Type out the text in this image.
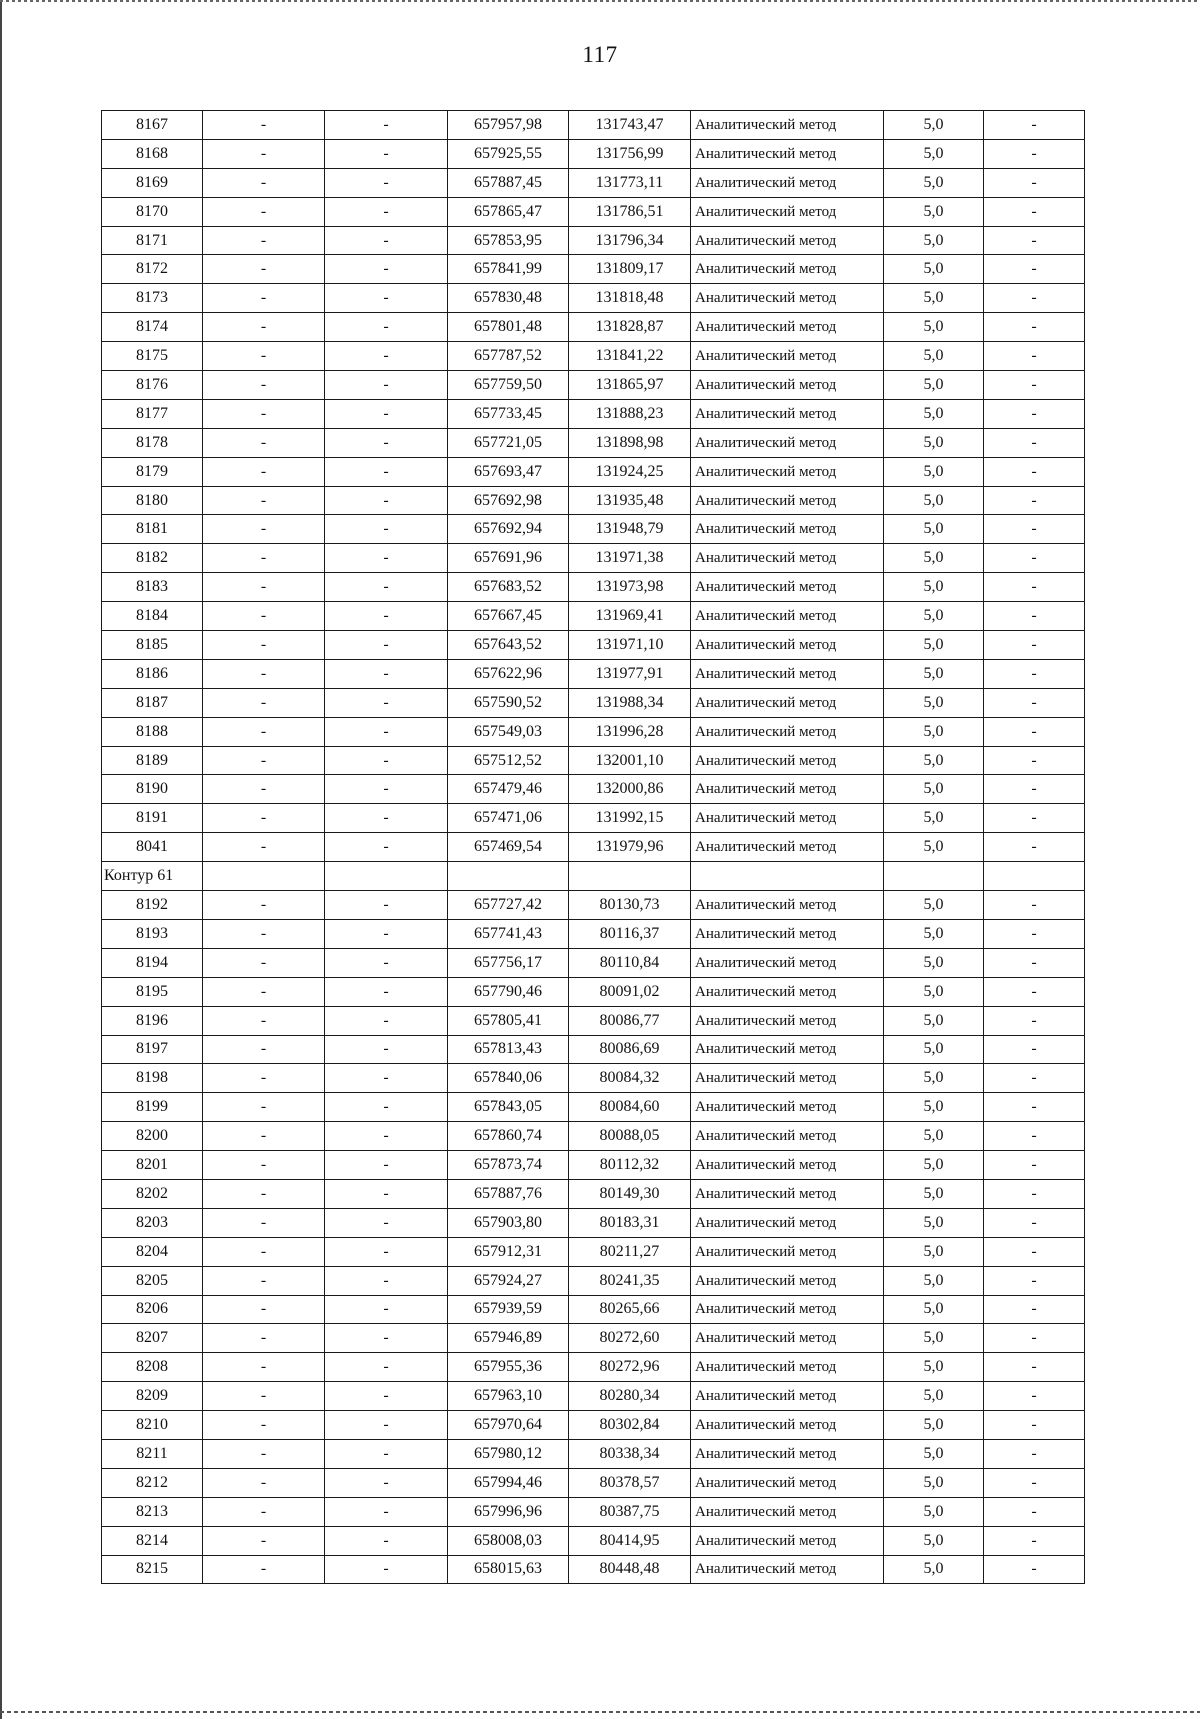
117
8167	-	-	657957,98	131743,47	Аналитический метод	5,0	-
8168	-	-	657925,55	131756,99	Аналитический метод	5,0	-
8169	-	-	657887,45	131773,11	Аналитический метод	5,0	-
8170	-	-	657865,47	131786,51	Аналитический метод	5,0	-
8171	-	-	657853,95	131796,34	Аналитический метод	5,0	-
8172	-	-	657841,99	131809,17	Аналитический метод	5,0	-
8173	-	-	657830,48	131818,48	Аналитический метод	5,0	-
8174	-	-	657801,48	131828,87	Аналитический метод	5,0	-
8175	-	-	657787,52	131841,22	Аналитический метод	5,0	-
8176	-	-	657759,50	131865,97	Аналитический метод	5,0	-
8177	-	-	657733,45	131888,23	Аналитический метод	5,0	-
8178	-	-	657721,05	131898,98	Аналитический метод	5,0	-
8179	-	-	657693,47	131924,25	Аналитический метод	5,0	-
8180	-	-	657692,98	131935,48	Аналитический метод	5,0	-
8181	-	-	657692,94	131948,79	Аналитический метод	5,0	-
8182	-	-	657691,96	131971,38	Аналитический метод	5,0	-
8183	-	-	657683,52	131973,98	Аналитический метод	5,0	-
8184	-	-	657667,45	131969,41	Аналитический метод	5,0	-
8185	-	-	657643,52	131971,10	Аналитический метод	5,0	-
8186	-	-	657622,96	131977,91	Аналитический метод	5,0	-
8187	-	-	657590,52	131988,34	Аналитический метод	5,0	-
8188	-	-	657549,03	131996,28	Аналитический метод	5,0	-
8189	-	-	657512,52	132001,10	Аналитический метод	5,0	-
8190	-	-	657479,46	132000,86	Аналитический метод	5,0	-
8191	-	-	657471,06	131992,15	Аналитический метод	5,0	-
8041	-	-	657469,54	131979,96	Аналитический метод	5,0	-
Контур 61							
8192	-	-	657727,42	80130,73	Аналитический метод	5,0	-
8193	-	-	657741,43	80116,37	Аналитический метод	5,0	-
8194	-	-	657756,17	80110,84	Аналитический метод	5,0	-
8195	-	-	657790,46	80091,02	Аналитический метод	5,0	-
8196	-	-	657805,41	80086,77	Аналитический метод	5,0	-
8197	-	-	657813,43	80086,69	Аналитический метод	5,0	-
8198	-	-	657840,06	80084,32	Аналитический метод	5,0	-
8199	-	-	657843,05	80084,60	Аналитический метод	5,0	-
8200	-	-	657860,74	80088,05	Аналитический метод	5,0	-
8201	-	-	657873,74	80112,32	Аналитический метод	5,0	-
8202	-	-	657887,76	80149,30	Аналитический метод	5,0	-
8203	-	-	657903,80	80183,31	Аналитический метод	5,0	-
8204	-	-	657912,31	80211,27	Аналитический метод	5,0	-
8205	-	-	657924,27	80241,35	Аналитический метод	5,0	-
8206	-	-	657939,59	80265,66	Аналитический метод	5,0	-
8207	-	-	657946,89	80272,60	Аналитический метод	5,0	-
8208	-	-	657955,36	80272,96	Аналитический метод	5,0	-
8209	-	-	657963,10	80280,34	Аналитический метод	5,0	-
8210	-	-	657970,64	80302,84	Аналитический метод	5,0	-
8211	-	-	657980,12	80338,34	Аналитический метод	5,0	-
8212	-	-	657994,46	80378,57	Аналитический метод	5,0	-
8213	-	-	657996,96	80387,75	Аналитический метод	5,0	-
8214	-	-	658008,03	80414,95	Аналитический метод	5,0	-
8215	-	-	658015,63	80448,48	Аналитический метод	5,0	-
